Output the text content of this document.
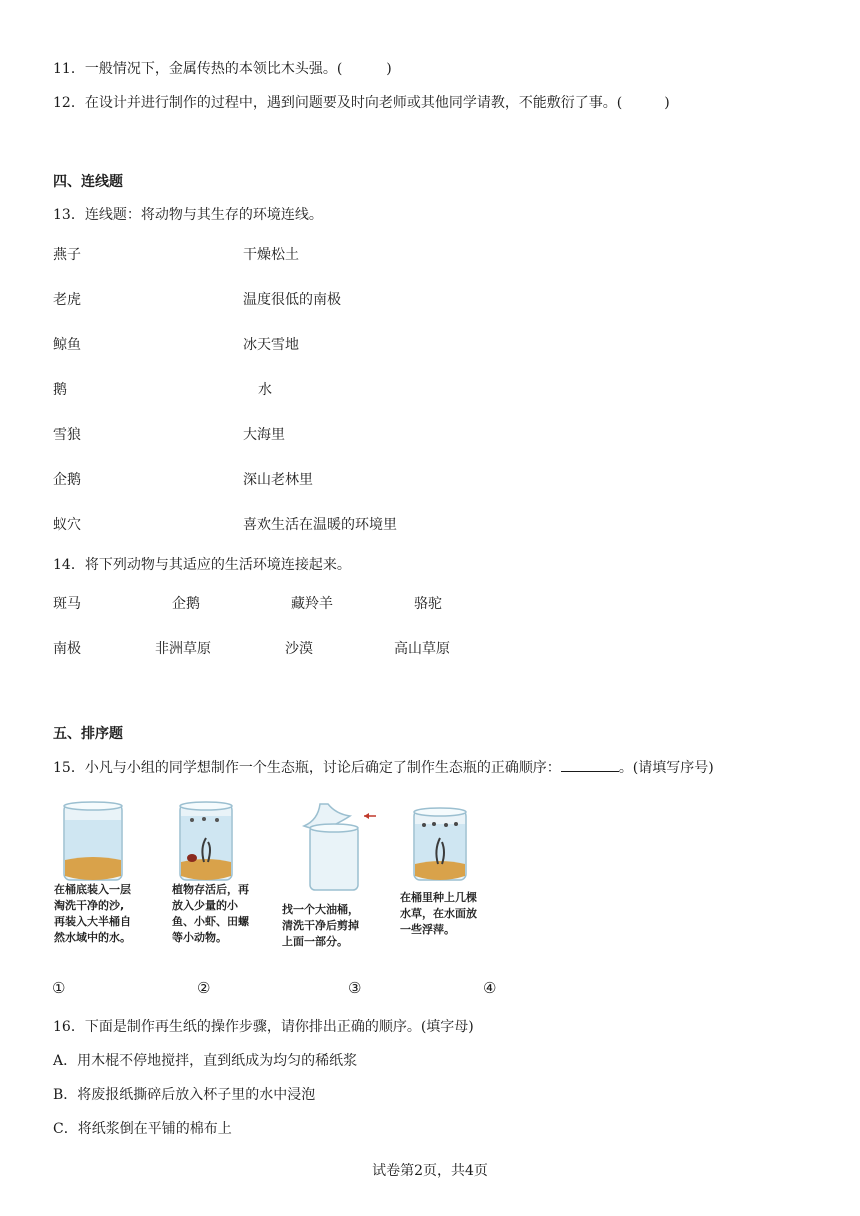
11．一般情况下，金属传热的本领比木头强。(	)
12．在设计并进行制作的过程中，遇到问题要及时向老师或其他同学请教，不能敷衍了事。(	)
四、连线题
13．连线题：将动物与其生存的环境连线。
燕子
老虎
鲸鱼
鹅
雪狼
企鹅
蚁穴
干燥松土
温度很低的南极
冰天雪地
水
大海里
深山老林里
喜欢生活在温暖的环境里
14．将下列动物与其适应的生活环境连接起来。
斑马	企鹅	藏羚羊	骆驼
南极	非洲草原	沙漠	高山草原
五、排序题
15．小凡与小组的同学想制作一个生态瓶，讨论后确定了制作生态瓶的正确顺序：	。(请填写序号)
在桶底装入一层
淘洗干净的沙,
再装入大半桶自
然水域中的水。
植物存活后，再
放入少量的小
鱼、小虾、田螺
等小动物。
找一个大油桶，
清洗干净后剪掉
上面一部分。
在桶里种上几棵
水草，在水面放
一些浮萍。
①	②	③	④
16．下面是制作再生纸的操作步骤，请你排出正确的顺序。(填字母)
A．用木棍不停地搅拌，直到纸成为均匀的稀纸浆
B．将废报纸撕碎后放入杯子里的水中浸泡
C．将纸浆倒在平铺的棉布上
试卷第2页，共4页
